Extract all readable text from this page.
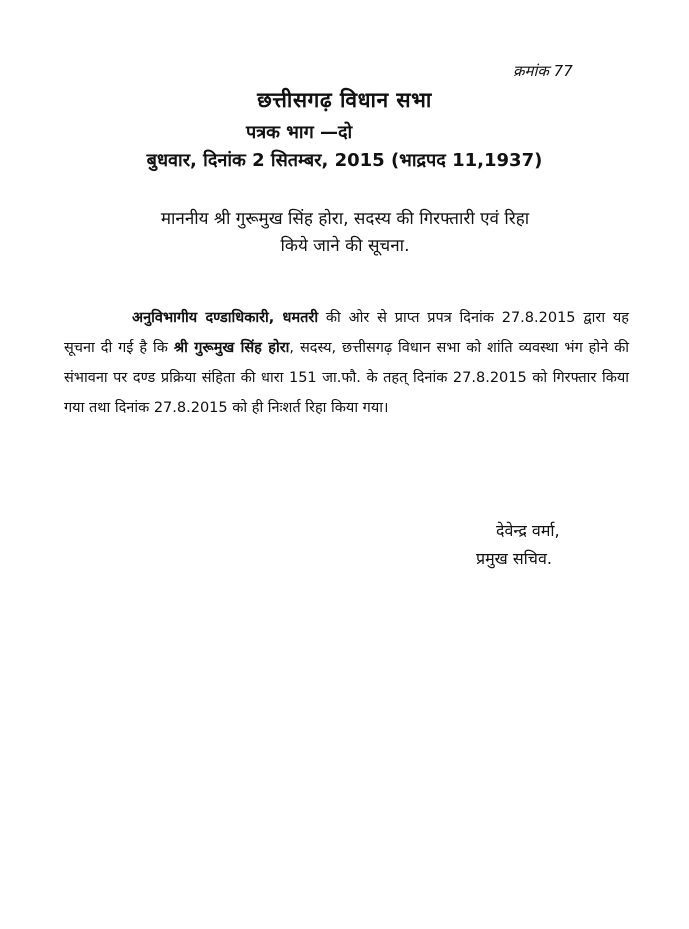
क्रमांक 77
छत्तीसगढ़ विधान सभा
पत्रक भाग —दो
बुधवार, दिनांक 2 सितम्बर, 2015 (भाद्रपद 11,1937)
माननीय श्री गुरूमुख सिंह होरा, सदस्य की गिरफ्तारी एवं रिहा
किये जाने की सूचना.

अनुविभागीय दण्डाधिकारी, धमतरी की ओर से प्राप्त प्रपत्र दिनांक 27.8.2015 द्वारा यह सूचना दी गई है कि श्री गुरूमुख सिंह होरा, सदस्य, छत्तीसगढ़ विधान सभा को शांति व्यवस्था भंग होने की संभावना पर दण्ड प्रक्रिया संहिता की धारा 151 जा.फौ. के तहत् दिनांक 27.8.2015 को गिरफ्तार किया गया तथा दिनांक 27.8.2015 को ही निःशर्त रिहा किया गया।

देवेन्द्र वर्मा,
प्रमुख सचिव.
